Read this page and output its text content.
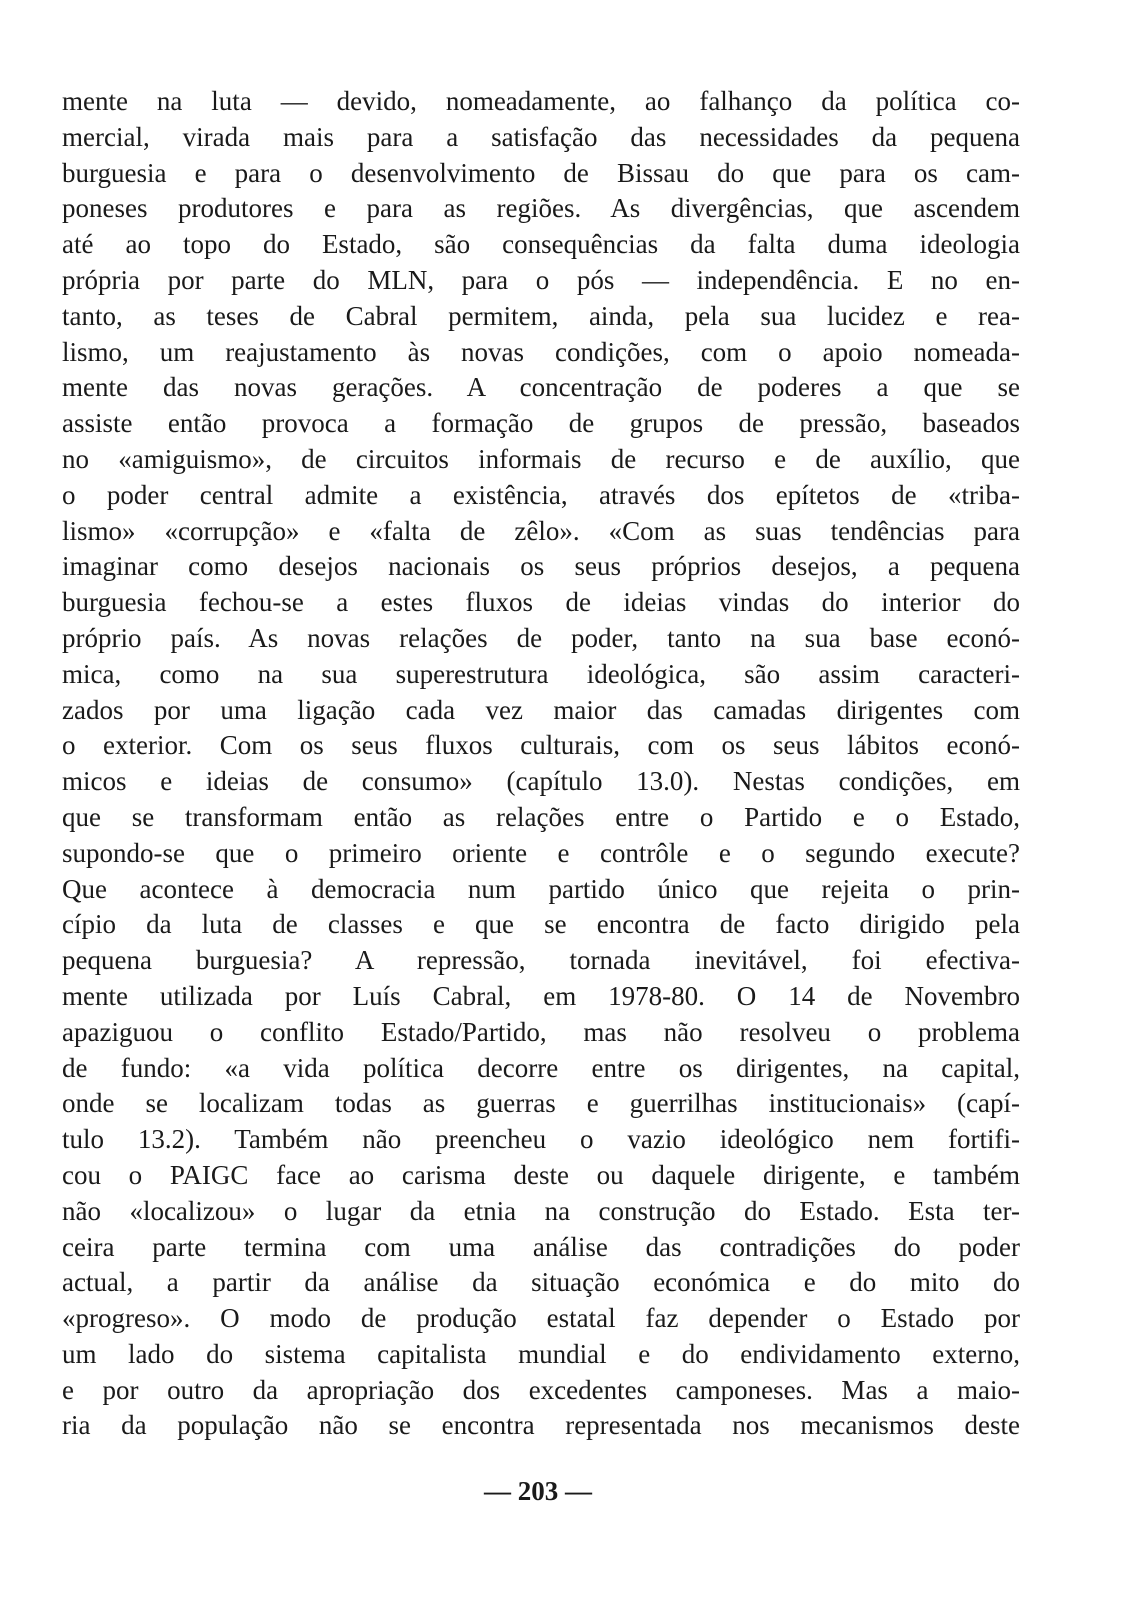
mente na luta — devido, nomeadamente, ao falhanço da política co-
mercial, virada mais para a satisfação das necessidades da pequena
burguesia e para o desenvolvimento de Bissau do que para os cam-
poneses produtores e para as regiões. As divergências, que ascendem
até ao topo do Estado, são consequências da falta duma ideologia
própria por parte do MLN, para o pós — independência. E no en-
tanto, as teses de Cabral permitem, ainda, pela sua lucidez e rea-
lismo, um reajustamento às novas condições, com o apoio nomeada-
mente das novas gerações. A concentração de poderes a que se
assiste então provoca a formação de grupos de pressão, baseados
no «amiguismo», de circuitos informais de recurso e de auxílio, que
o poder central admite a existência, através dos epítetos de «triba-
lismo» «corrupção» e «falta de zêlo». «Com as suas tendências para
imaginar como desejos nacionais os seus próprios desejos, a pequena
burguesia fechou-se a estes fluxos de ideias vindas do interior do
próprio país. As novas relações de poder, tanto na sua base econó-
mica, como na sua superestrutura ideológica, são assim caracteri-
zados por uma ligação cada vez maior das camadas dirigentes com
o exterior. Com os seus fluxos culturais, com os seus lábitos econó-
micos e ideias de consumo» (capítulo 13.0). Nestas condições, em
que se transformam então as relações entre o Partido e o Estado,
supondo-se que o primeiro oriente e contrôle e o segundo execute?
Que acontece à democracia num partido único que rejeita o prin-
cípio da luta de classes e que se encontra de facto dirigido pela
pequena burguesia? A repressão, tornada inevitável, foi efectiva-
mente utilizada por Luís Cabral, em 1978-80. O 14 de Novembro
apaziguou o conflito Estado/Partido, mas não resolveu o problema
de fundo: «a vida política decorre entre os dirigentes, na capital,
onde se localizam todas as guerras e guerrilhas institucionais» (capí-
tulo 13.2). Também não preencheu o vazio ideológico nem fortifi-
cou o PAIGC face ao carisma deste ou daquele dirigente, e também
não «localizou» o lugar da etnia na construção do Estado. Esta ter-
ceira parte termina com uma análise das contradições do poder
actual, a partir da análise da situação económica e do mito do
«progreso». O modo de produção estatal faz depender o Estado por
um lado do sistema capitalista mundial e do endividamento externo,
e por outro da apropriação dos excedentes camponeses. Mas a maio-
ria da população não se encontra representada nos mecanismos deste
— 203 —
